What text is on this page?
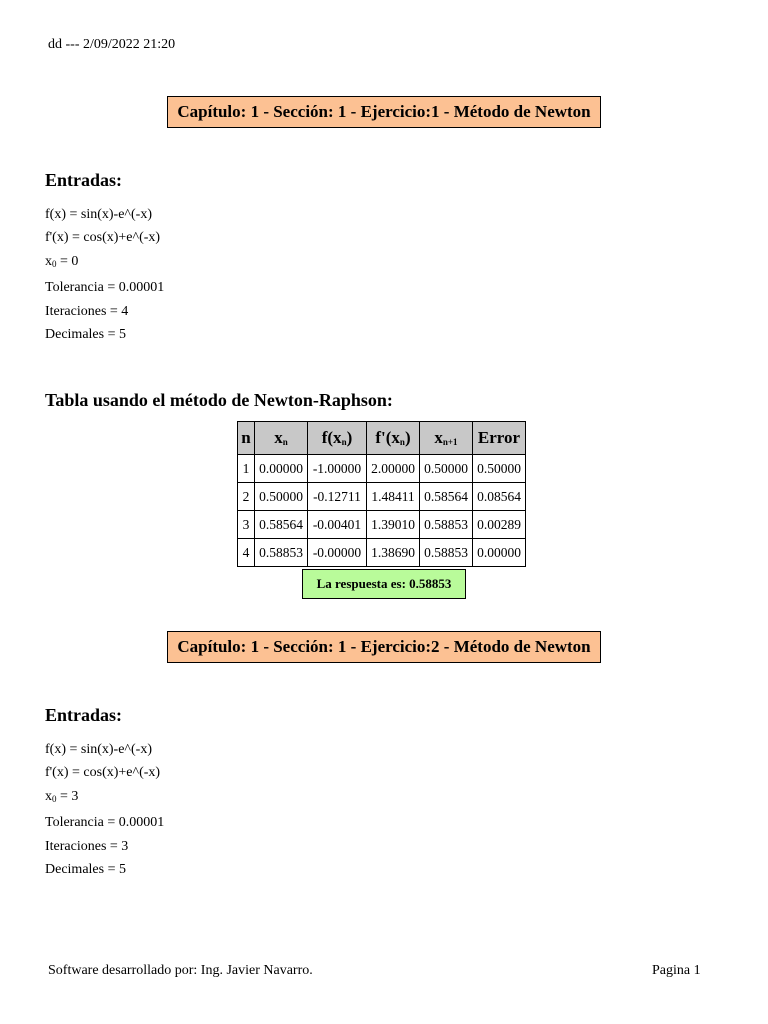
dd --- 2/09/2022 21:20
Capítulo: 1 - Sección: 1 - Ejercicio:1 - Método de Newton
Entradas:
f(x) = sin(x)-e^(-x)
f'(x) = cos(x)+e^(-x)
$x_0 = 0$
Tolerancia = 0.00001
Iteraciones = 4
Decimales = 5
Tabla usando el método de Newton-Raphson:
n	$x_n$	$f(x_n)$	$f'(x_n)$	$x_{n+1}$	Error
1	0.00000	-1.00000	2.00000	0.50000	0.50000
2	0.50000	-0.12711	1.48411	0.58564	0.08564
3	0.58564	-0.00401	1.39010	0.58853	0.00289
4	0.58853	-0.00000	1.38690	0.58853	0.00000
La respuesta es: 0.58853
Capítulo: 1 - Sección: 1 - Ejercicio:2 - Método de Newton
Entradas:
f(x) = sin(x)-e^(-x)
f'(x) = cos(x)+e^(-x)
$x_0 = 3$
Tolerancia = 0.00001
Iteraciones = 3
Decimales = 5
Software desarrollado por: Ing. Javier Navarro.	Pagina 1
